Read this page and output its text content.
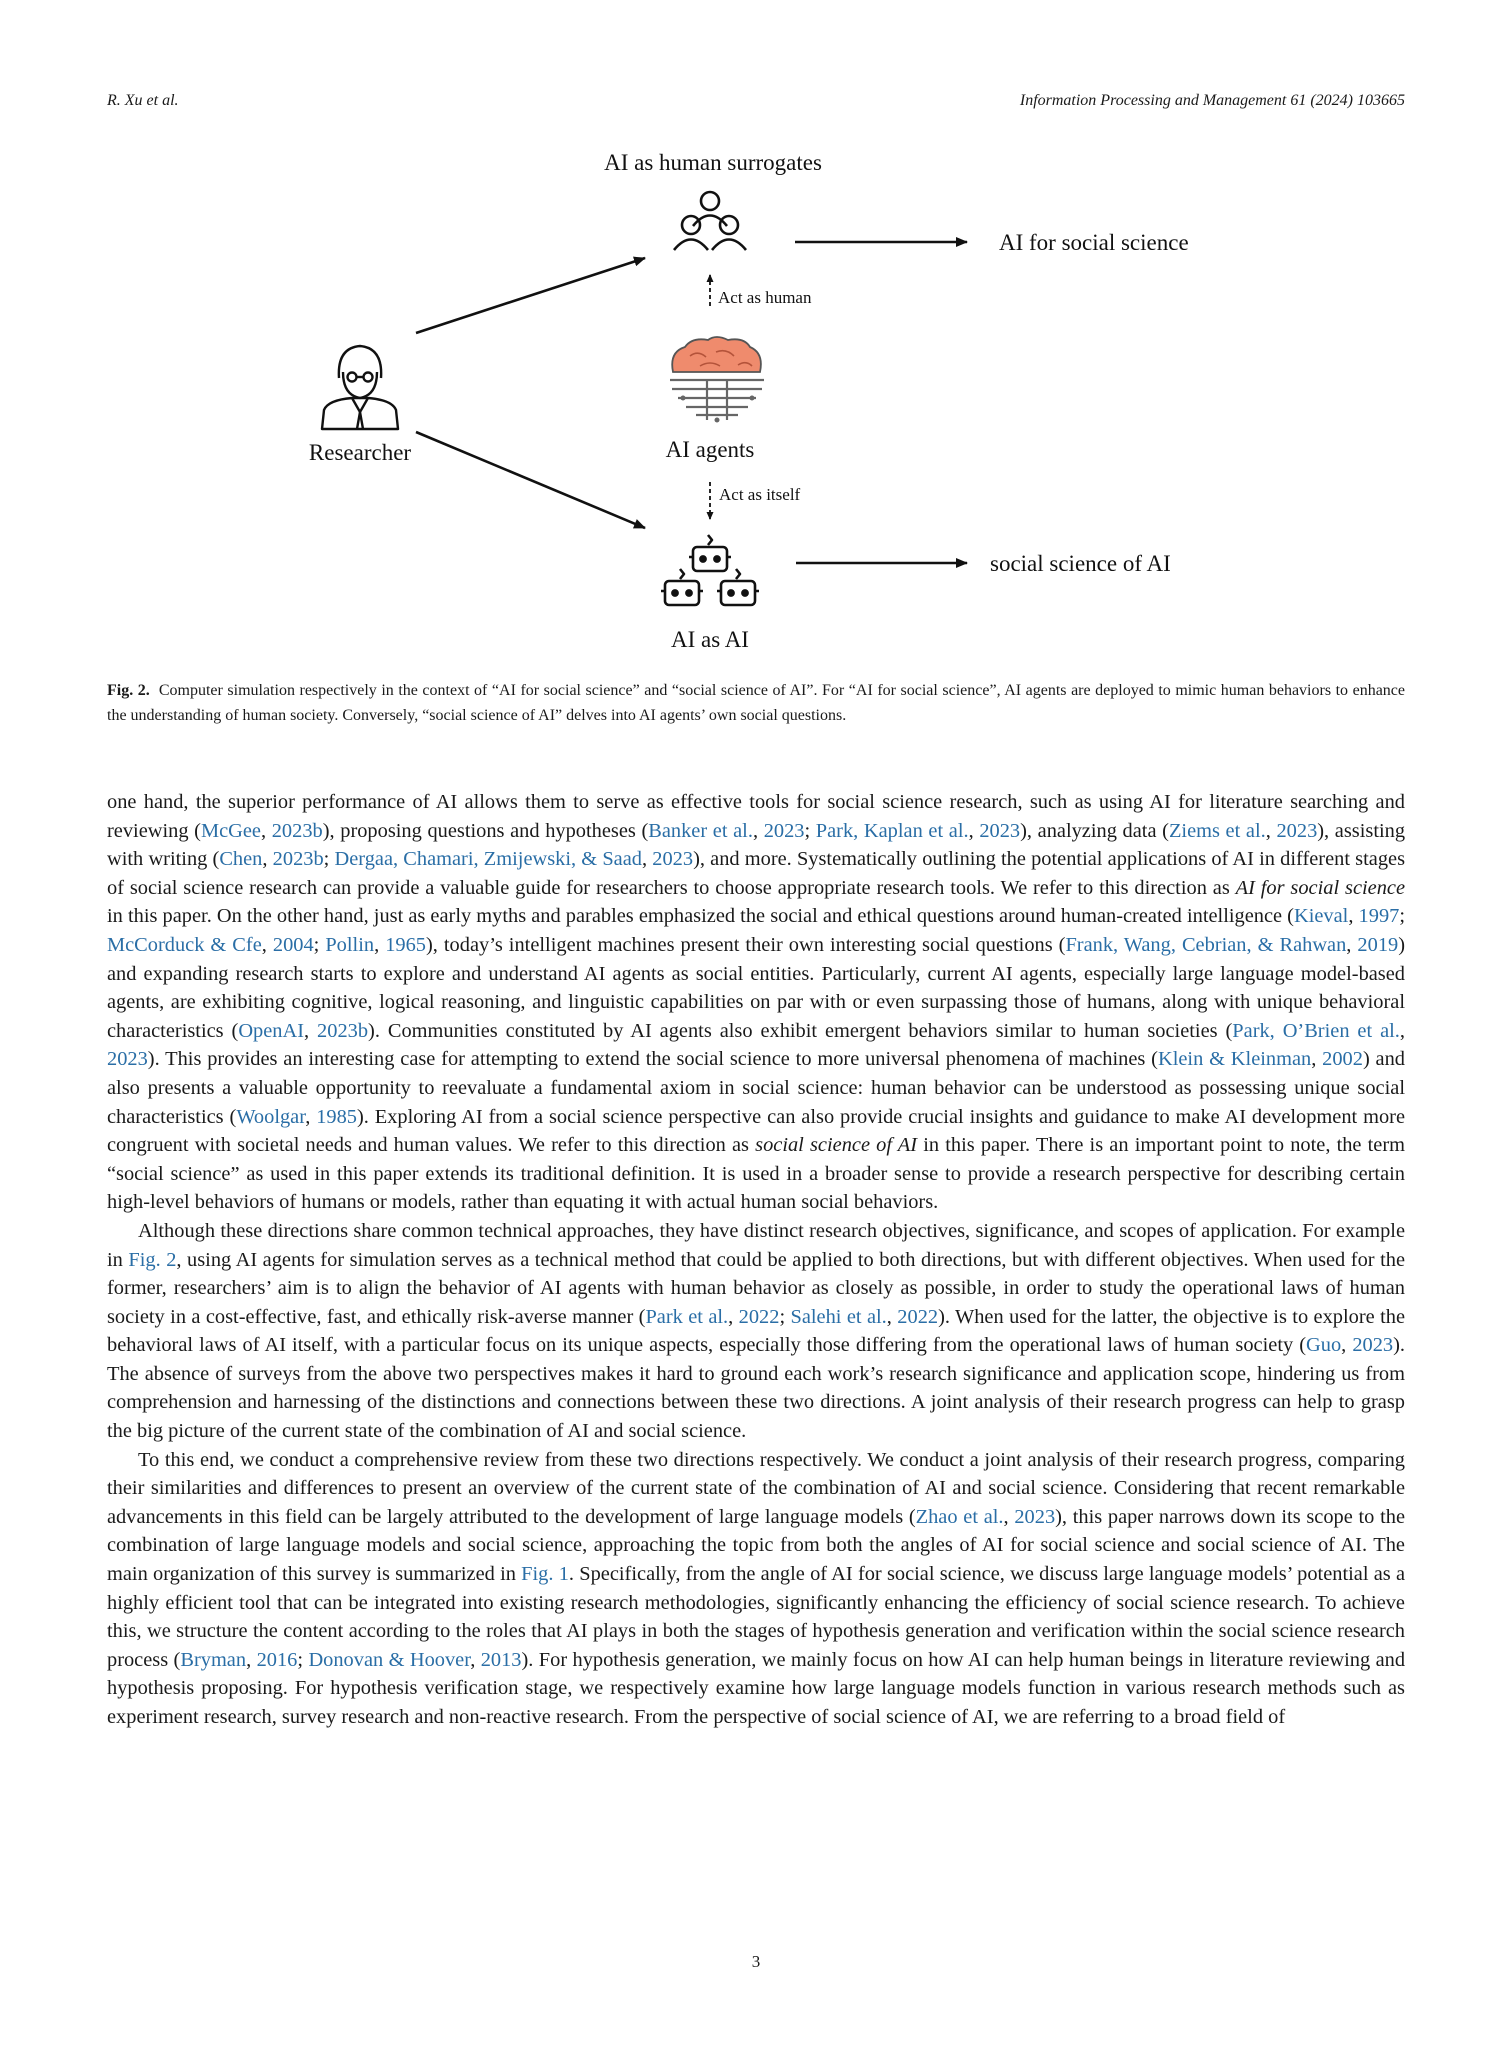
R. Xu et al.	Information Processing and Management 61 (2024) 103665
AI as human surrogates
AI for social science
Act as human
Researcher	AI agents
Act as itself
social science of AI
AI as AI
Fig. 2. Computer simulation respectively in the context of “AI for social science” and “social science of AI”. For “AI for social science”, AI agents are deployed to mimic human behaviors to enhance the understanding of human society. Conversely, “social science of AI” delves into AI agents’ own social questions.

one hand, the superior performance of AI allows them to serve as effective tools for social science research, such as using AI for literature searching and reviewing (McGee, 2023b), proposing questions and hypotheses (Banker et al., 2023; Park, Kaplan et al., 2023), analyzing data (Ziems et al., 2023), assisting with writing (Chen, 2023b; Dergaa, Chamari, Zmijewski, & Saad, 2023), and more. Systematically outlining the potential applications of AI in different stages of social science research can provide a valuable guide for researchers to choose appropriate research tools. We refer to this direction as AI for social science in this paper. On the other hand, just as early myths and parables emphasized the social and ethical questions around human-created intelligence (Kieval, 1997; McCorduck & Cfe, 2004; Pollin, 1965), today’s intelligent machines present their own interesting social questions (Frank, Wang, Cebrian, & Rahwan, 2019) and expanding research starts to explore and understand AI agents as social entities. Particularly, current AI agents, especially large language model-based agents, are exhibiting cognitive, logical reasoning, and linguistic capabilities on par with or even surpassing those of humans, along with unique behavioral characteristics (OpenAI, 2023b). Communities constituted by AI agents also exhibit emergent behaviors similar to human societies (Park, O’Brien et al., 2023). This provides an interesting case for attempting to extend the social science to more universal phenomena of machines (Klein & Kleinman, 2002) and also presents a valuable opportunity to reevaluate a fundamental axiom in social science: human behavior can be understood as possessing unique social characteristics (Woolgar, 1985). Exploring AI from a social science perspective can also provide crucial insights and guidance to make AI development more congruent with societal needs and human values. We refer to this direction as social science of AI in this paper. There is an important point to note, the term “social science” as used in this paper extends its traditional definition. It is used in a broader sense to provide a research perspective for describing certain high-level behaviors of humans or models, rather than equating it with actual human social behaviors.

Although these directions share common technical approaches, they have distinct research objectives, significance, and scopes of application. For example in Fig. 2, using AI agents for simulation serves as a technical method that could be applied to both directions, but with different objectives. When used for the former, researchers’ aim is to align the behavior of AI agents with human behavior as closely as possible, in order to study the operational laws of human society in a cost-effective, fast, and ethically risk-averse manner (Park et al., 2022; Salehi et al., 2022). When used for the latter, the objective is to explore the behavioral laws of AI itself, with a particular focus on its unique aspects, especially those differing from the operational laws of human society (Guo, 2023). The absence of surveys from the above two perspectives makes it hard to ground each work’s research significance and application scope, hindering us from comprehension and harnessing of the distinctions and connections between these two directions. A joint analysis of their research progress can help to grasp the big picture of the current state of the combination of AI and social science.

To this end, we conduct a comprehensive review from these two directions respectively. We conduct a joint analysis of their research progress, comparing their similarities and differences to present an overview of the current state of the combination of AI and social science. Considering that recent remarkable advancements in this field can be largely attributed to the development of large language models (Zhao et al., 2023), this paper narrows down its scope to the combination of large language models and social science, approaching the topic from both the angles of AI for social science and social science of AI. The main organization of this survey is summarized in Fig. 1. Specifically, from the angle of AI for social science, we discuss large language models’ potential as a highly efficient tool that can be integrated into existing research methodologies, significantly enhancing the efficiency of social science research. To achieve this, we structure the content according to the roles that AI plays in both the stages of hypothesis generation and verification within the social science research process (Bryman, 2016; Donovan & Hoover, 2013). For hypothesis generation, we mainly focus on how AI can help human beings in literature reviewing and hypothesis proposing. For hypothesis verification stage, we respectively examine how large language models function in various research methods such as experiment research, survey research and non-reactive research. From the perspective of social science of AI, we are referring to a broad field of

3
